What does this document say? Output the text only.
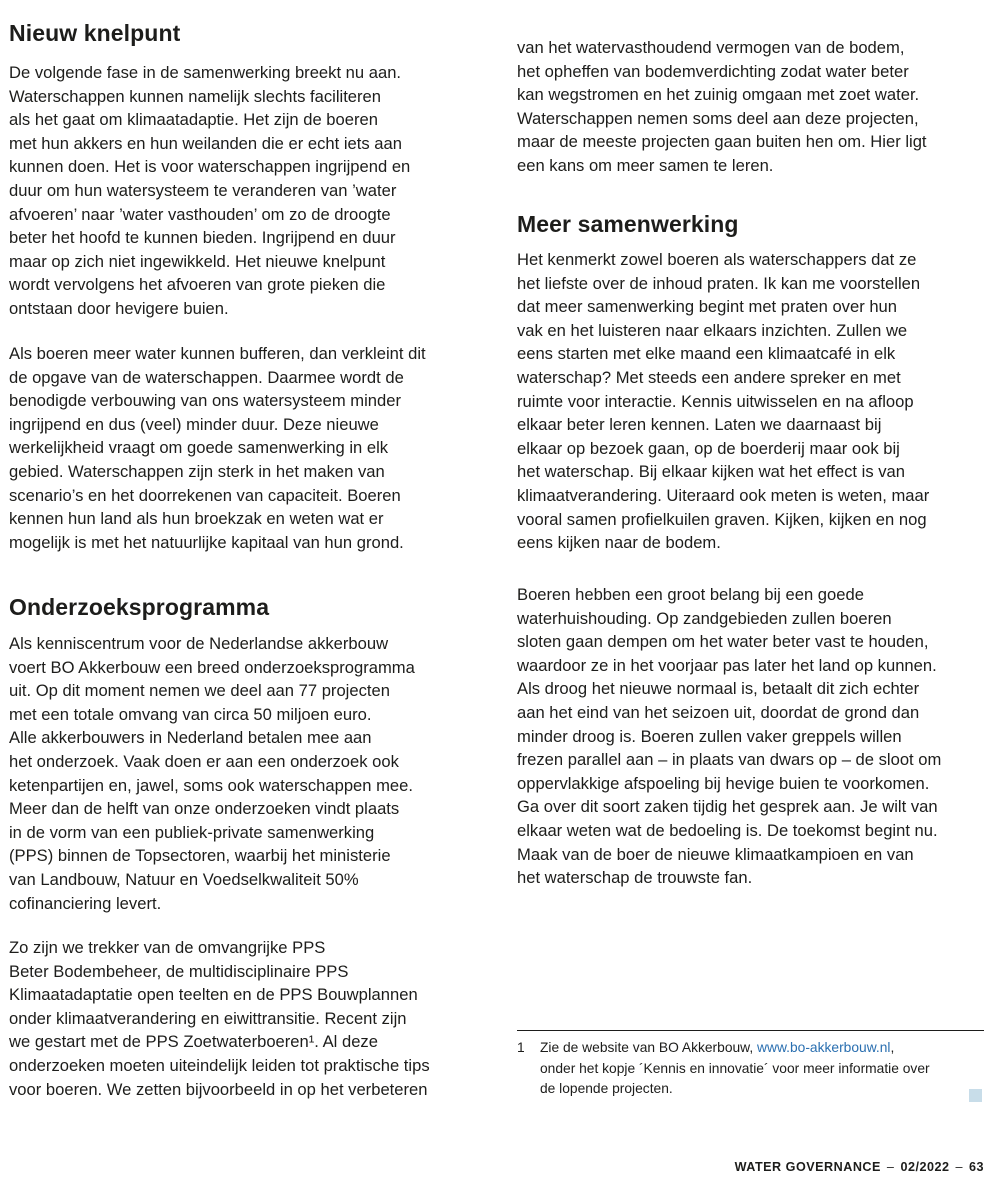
Nieuw knelpunt

De volgende fase in de samenwerking breekt nu aan.
Waterschappen kunnen namelijk slechts faciliteren
als het gaat om klimaatadaptie. Het zijn de boeren
met hun akkers en hun weilanden die er echt iets aan
kunnen doen. Het is voor waterschappen ingrijpend en
duur om hun watersysteem te veranderen van ’water
afvoeren’ naar ’water vasthouden’ om zo de droogte
beter het hoofd te kunnen bieden. Ingrijpend en duur
maar op zich niet ingewikkeld. Het nieuwe knelpunt
wordt vervolgens het afvoeren van grote pieken die
ontstaan door hevigere buien.

Als boeren meer water kunnen bufferen, dan verkleint dit
de opgave van de waterschappen. Daarmee wordt de
benodigde verbouwing van ons watersysteem minder
ingrijpend en dus (veel) minder duur. Deze nieuwe
werkelijkheid vraagt om goede samenwerking in elk
gebied. Waterschappen zijn sterk in het maken van
scenario’s en het doorrekenen van capaciteit. Boeren
kennen hun land als hun broekzak en weten wat er
mogelijk is met het natuurlijke kapitaal van hun grond.

Onderzoeksprogramma

Als kenniscentrum voor de Nederlandse akkerbouw
voert BO Akkerbouw een breed onderzoeksprogramma
uit. Op dit moment nemen we deel aan 77 projecten
met een totale omvang van circa 50 miljoen euro.
Alle akkerbouwers in Nederland betalen mee aan
het onderzoek. Vaak doen er aan een onderzoek ook
ketenpartijen en, jawel, soms ook waterschappen mee.
Meer dan de helft van onze onderzoeken vindt plaats
in de vorm van een publiek-private samenwerking
(PPS) binnen de Topsectoren, waarbij het ministerie
van Landbouw, Natuur en Voedselkwaliteit 50%
cofinanciering levert.

Zo zijn we trekker van de omvangrijke PPS
Beter Bodembeheer, de multidisciplinaire PPS
Klimaatadaptatie open teelten en de PPS Bouwplannen
onder klimaatverandering en eiwittransitie. Recent zijn
we gestart met de PPS Zoetwaterboeren¹. Al deze
onderzoeken moeten uiteindelijk leiden tot praktische tips
voor boeren. We zetten bijvoorbeeld in op het verbeteren

van het watervasthoudend vermogen van de bodem,
het opheffen van bodemverdichting zodat water beter
kan wegstromen en het zuinig omgaan met zoet water.
Waterschappen nemen soms deel aan deze projecten,
maar de meeste projecten gaan buiten hen om. Hier ligt
een kans om meer samen te leren.

Meer samenwerking

Het kenmerkt zowel boeren als waterschappers dat ze
het liefste over de inhoud praten. Ik kan me voorstellen
dat meer samenwerking begint met praten over hun
vak en het luisteren naar elkaars inzichten. Zullen we
eens starten met elke maand een klimaatcafé in elk
waterschap? Met steeds een andere spreker en met
ruimte voor interactie. Kennis uitwisselen en na afloop
elkaar beter leren kennen. Laten we daarnaast bij
elkaar op bezoek gaan, op de boerderij maar ook bij
het waterschap. Bij elkaar kijken wat het effect is van
klimaatverandering. Uiteraard ook meten is weten, maar
vooral samen profielkuilen graven. Kijken, kijken en nog
eens kijken naar de bodem.

Boeren hebben een groot belang bij een goede
waterhuishouding. Op zandgebieden zullen boeren
sloten gaan dempen om het water beter vast te houden,
waardoor ze in het voorjaar pas later het land op kunnen.
Als droog het nieuwe normaal is, betaalt dit zich echter
aan het eind van het seizoen uit, doordat de grond dan
minder droog is. Boeren zullen vaker greppels willen
frezen parallel aan – in plaats van dwars op – de sloot om
oppervlakkige afspoeling bij hevige buien te voorkomen.
Ga over dit soort zaken tijdig het gesprek aan. Je wilt van
elkaar weten wat de bedoeling is. De toekomst begint nu.
Maak van de boer de nieuwe klimaatkampioen en van
het waterschap de trouwste fan.

1 Zie de website van BO Akkerbouw, www.bo-akkerbouw.nl,
onder het kopje ´Kennis en innovatie´ voor meer informatie over
de lopende projecten.
WATER GOVERNANCE – 02/2022 – 63
